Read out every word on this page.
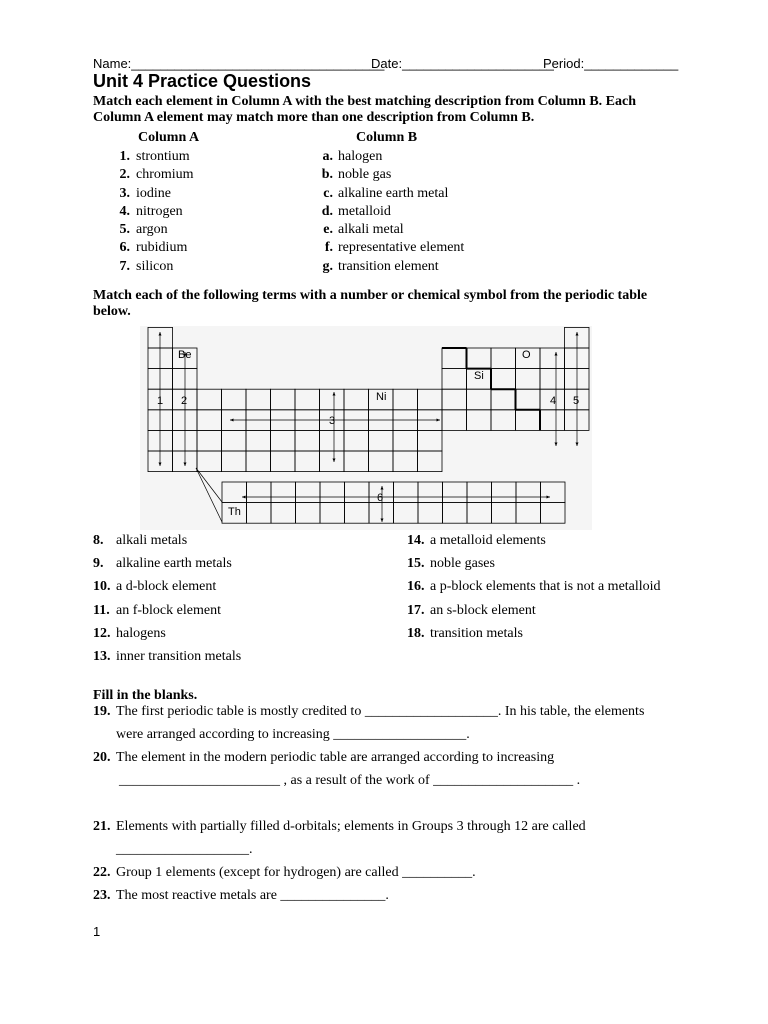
Name:___________________________________
Date:_____________________
Period:_____________
Unit 4 Practice Questions
Match each element in Column A with the best matching description from Column B. Each
Column A element may match more than one description from Column B.
Column A	Column B
1. strontium
2. chromium
3. iodine
4. nitrogen
5. argon
6. rubidium
7. silicon
a. halogen
b. noble gas
c. alkaline earth metal
d. metalloid
e. alkali metal
f. representative element
g. transition element
Match each of the following terms with a number or chemical symbol from the periodic table
below.
Be	O
Si
Ni
Th
1 2
3
4 5
6
8. alkali metals
9. alkaline earth metals
10. a d-block element
11. an f-block element
12. halogens
13. inner transition metals
14. a metalloid elements
15. noble gases
16. a p-block elements that is not a metalloid
17. an s-block element
18. transition metals
Fill in the blanks.
19. The first periodic table is mostly credited to ___________________. In his table, the elements
were arranged according to increasing ___________________.
20. The element in the modern periodic table are arranged according to increasing
_______________________ , as a result of the work of ____________________ .
21. Elements with partially filled d-orbitals; elements in Groups 3 through 12 are called
___________________.
22. Group 1 elements (except for hydrogen) are called __________.
23. The most reactive metals are _______________.
1
